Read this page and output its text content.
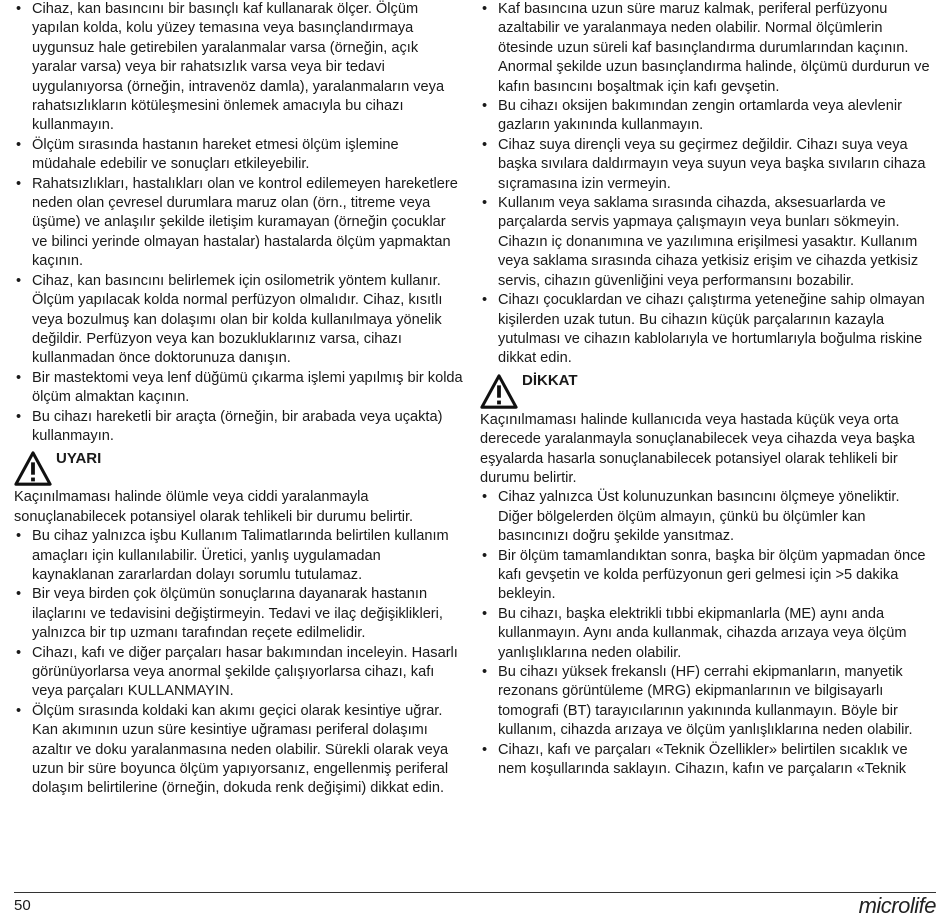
• Cihaz, kan basıncını bir basınçlı kaf kullanarak ölçer. Ölçüm yapılan kolda, kolu yüzey temasına veya basınçlandırmaya uygunsuz hale getirebilen yaralanmalar varsa (örneğin, açık yaralar varsa) veya bir rahatsızlık varsa veya bir tedavi uygulanıyorsa (örneğin, intravenöz damla), yaralanmaların veya rahatsızlıkların kötüleşmesini önlemek amacıyla bu cihazı kullanmayın.
• Ölçüm sırasında hastanın hareket etmesi ölçüm işlemine müdahale edebilir ve sonuçları etkileyebilir.
• Rahatsızlıkları, hastalıkları olan ve kontrol edilemeyen hareketlere neden olan çevresel durumlara maruz olan (örn., titreme veya üşüme) ve anlaşılır şekilde iletişim kuramayan (örneğin çocuklar ve bilinci yerinde olmayan hastalar) hastalarda ölçüm yapmaktan kaçının.
• Cihaz, kan basıncını belirlemek için osilometrik yöntem kullanır. Ölçüm yapılacak kolda normal perfüzyon olmalıdır. Cihaz, kısıtlı veya bozulmuş kan dolaşımı olan bir kolda kullanılmaya yönelik değildir. Perfüzyon veya kan bozukluklarınız varsa, cihazı kullanmadan önce doktorunuza danışın.
• Bir mastektomi veya lenf düğümü çıkarma işlemi yapılmış bir kolda ölçüm almaktan kaçının.
• Bu cihazı hareketli bir araçta (örneğin, bir arabada veya uçakta) kullanmayın.
UYARI

Kaçınılmaması halinde ölümle veya ciddi yaralanmayla sonuçlanabilecek potansiyel olarak tehlikeli bir durumu belirtir.

• Bu cihaz yalnızca işbu Kullanım Talimatlarında belirtilen kullanım amaçları için kullanılabilir. Üretici, yanlış uygulamadan kaynaklanan zararlardan dolayı sorumlu tutulamaz.
• Bir veya birden çok ölçümün sonuçlarına dayanarak hastanın ilaçlarını ve tedavisini değiştirmeyin. Tedavi ve ilaç değişiklikleri, yalnızca bir tıp uzmanı tarafından reçete edilmelidir.
• Cihazı, kafı ve diğer parçaları hasar bakımından inceleyin. Hasarlı görünüyorlarsa veya anormal şekilde çalışıyorlarsa cihazı, kafı veya parçaları KULLANMAYIN.
• Ölçüm sırasında koldaki kan akımı geçici olarak kesintiye uğrar. Kan akımının uzun süre kesintiye uğraması periferal dolaşımı azaltır ve doku yaralanmasına neden olabilir. Sürekli olarak veya uzun bir süre boyunca ölçüm yapıyorsanız, engellenmiş periferal dolaşım belirtilerine (örneğin, dokuda renk değişimi) dikkat edin.
• Kaf basıncına uzun süre maruz kalmak, periferal perfüzyonu azaltabilir ve yaralanmaya neden olabilir. Normal ölçümlerin ötesinde uzun süreli kaf basınçlandırma durumlarından kaçının. Anormal şekilde uzun basınçlandırma halinde, ölçümü durdurun ve kafın basıncını boşaltmak için kafı gevşetin.
• Bu cihazı oksijen bakımından zengin ortamlarda veya alevlenir gazların yakınında kullanmayın.
• Cihaz suya dirençli veya su geçirmez değildir. Cihazı suya veya başka sıvılara daldırmayın veya suyun veya başka sıvıların cihaza sıçramasına izin vermeyin.
• Kullanım veya saklama sırasında cihazda, aksesuarlarda ve parçalarda servis yapmaya çalışmayın veya bunları sökmeyin. Cihazın iç donanımına ve yazılımına erişilmesi yasaktır. Kullanım veya saklama sırasında cihaza yetkisiz erişim ve cihazda yetkisiz servis, cihazın güvenliğini veya performansını bozabilir.
• Cihazı çocuklardan ve cihazı çalıştırma yeteneğine sahip olmayan kişilerden uzak tutun. Bu cihazın küçük parçalarının kazayla yutulması ve cihazın kablolarıyla ve hortumlarıyla boğulma riskine dikkat edin.
DİKKAT

Kaçınılmaması halinde kullanıcıda veya hastada küçük veya orta derecede yaralanmayla sonuçlanabilecek veya cihazda veya başka eşyalarda hasarla sonuçlanabilecek potansiyel olarak tehlikeli bir durumu belirtir.

• Cihaz yalnızca Üst kolunuzunkan basıncını ölçmeye yöneliktir. Diğer bölgelerden ölçüm almayın, çünkü bu ölçümler kan basıncınızı doğru şekilde yansıtmaz.
• Bir ölçüm tamamlandıktan sonra, başka bir ölçüm yapmadan önce kafı gevşetin ve kolda perfüzyonun geri gelmesi için >5 dakika bekleyin.
• Bu cihazı, başka elektrikli tıbbi ekipmanlarla (ME) aynı anda kullanmayın. Aynı anda kullanmak, cihazda arızaya veya ölçüm yanlışlıklarına neden olabilir.
• Bu cihazı yüksek frekanslı (HF) cerrahi ekipmanların, manyetik rezonans görüntüleme (MRG) ekipmanlarının ve bilgisayarlı tomografi (BT) tarayıcılarının yakınında kullanmayın. Böyle bir kullanım, cihazda arızaya ve ölçüm yanlışlıklarına neden olabilir.
• Cihazı, kafı ve parçaları «Teknik Özellikler» belirtilen sıcaklık ve nem koşullarında saklayın. Cihazın, kafın ve parçaların «Teknik
50	microlife
